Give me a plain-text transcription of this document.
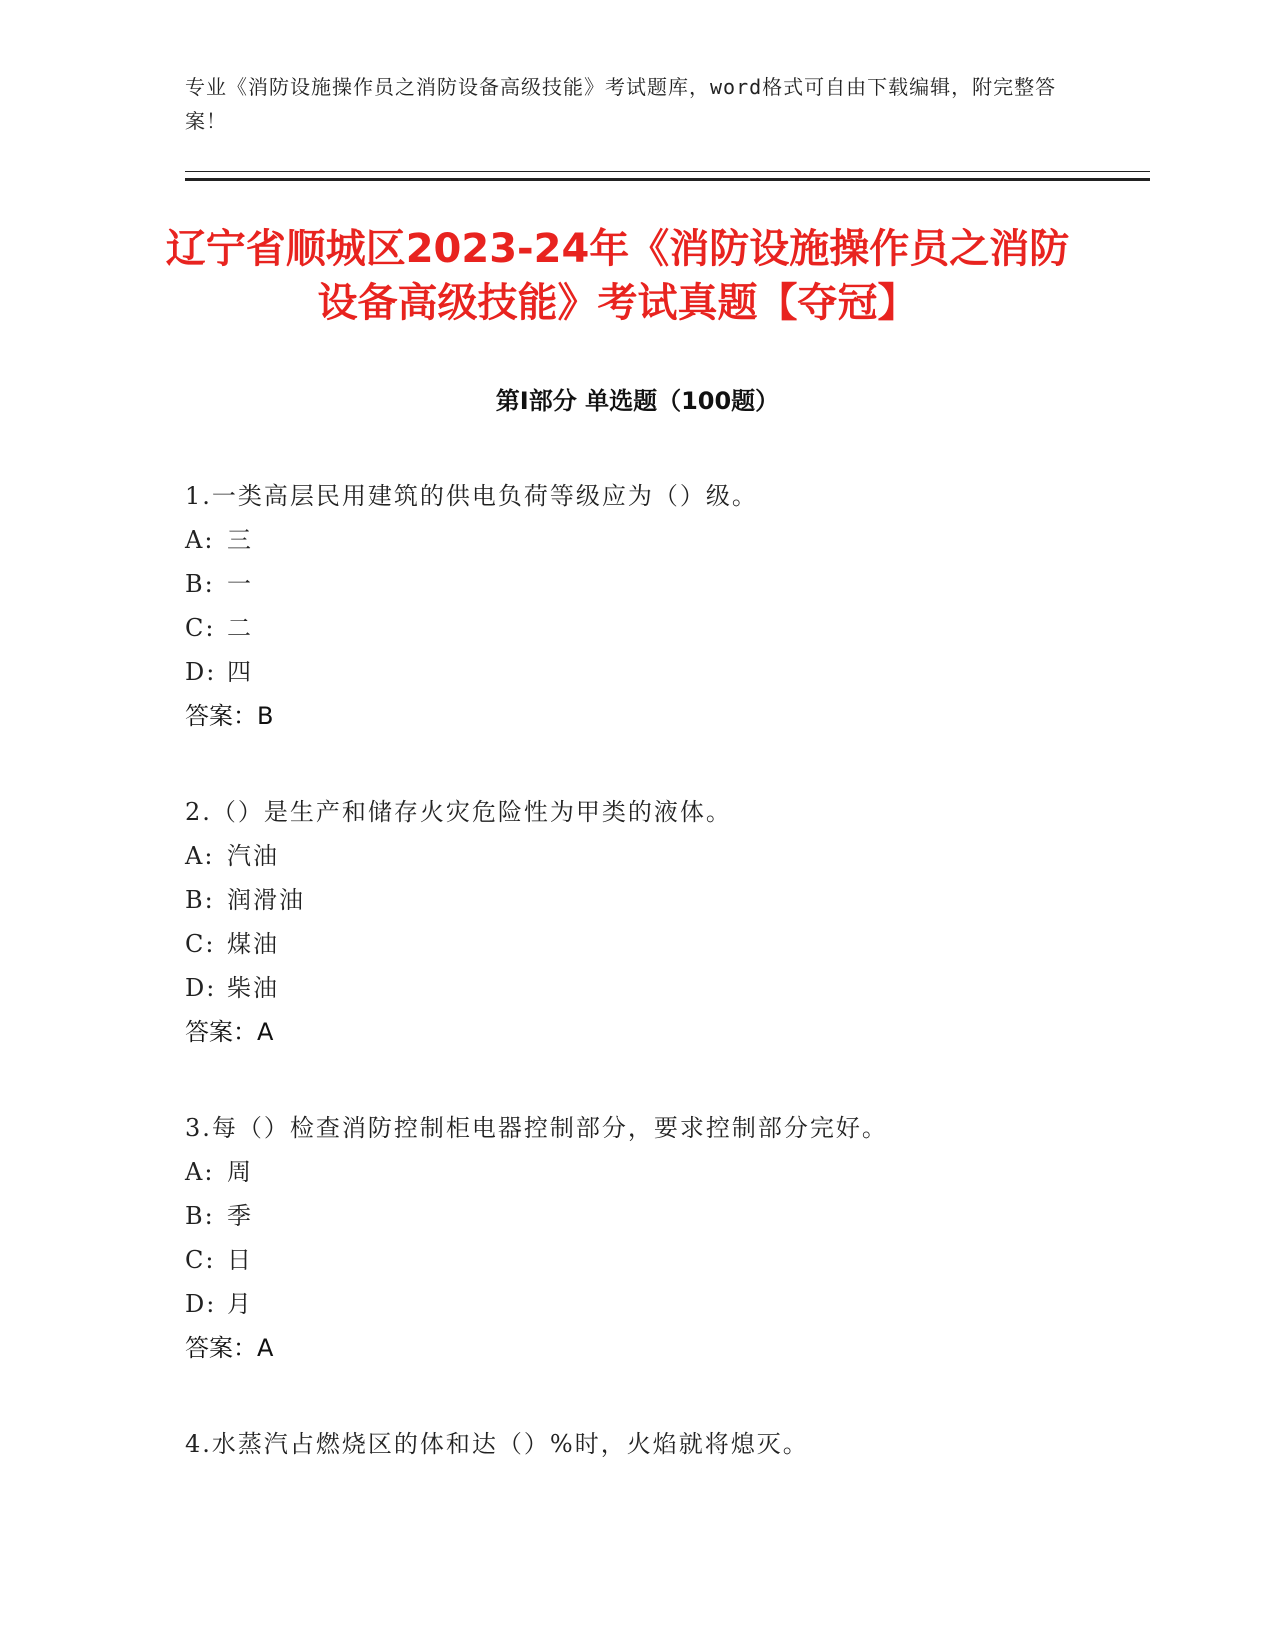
专业《消防设施操作员之消防设备高级技能》考试题库，word格式可自由下载编辑，附完整答案！
辽宁省顺城区2023-24年《消防设施操作员之消防设备高级技能》考试真题【夺冠】
第Ⅰ部分 单选题（100题）
1.一类高层民用建筑的供电负荷等级应为（）级。
A: 三
B: 一
C: 二
D: 四
答案：B
2.（）是生产和储存火灾危险性为甲类的液体。
A: 汽油
B: 润滑油
C: 煤油
D: 柴油
答案：A
3.每（）检查消防控制柜电器控制部分，要求控制部分完好。
A: 周
B: 季
C: 日
D: 月
答案：A
4.水蒸汽占燃烧区的体和达（）%时，火焰就将熄灭。
